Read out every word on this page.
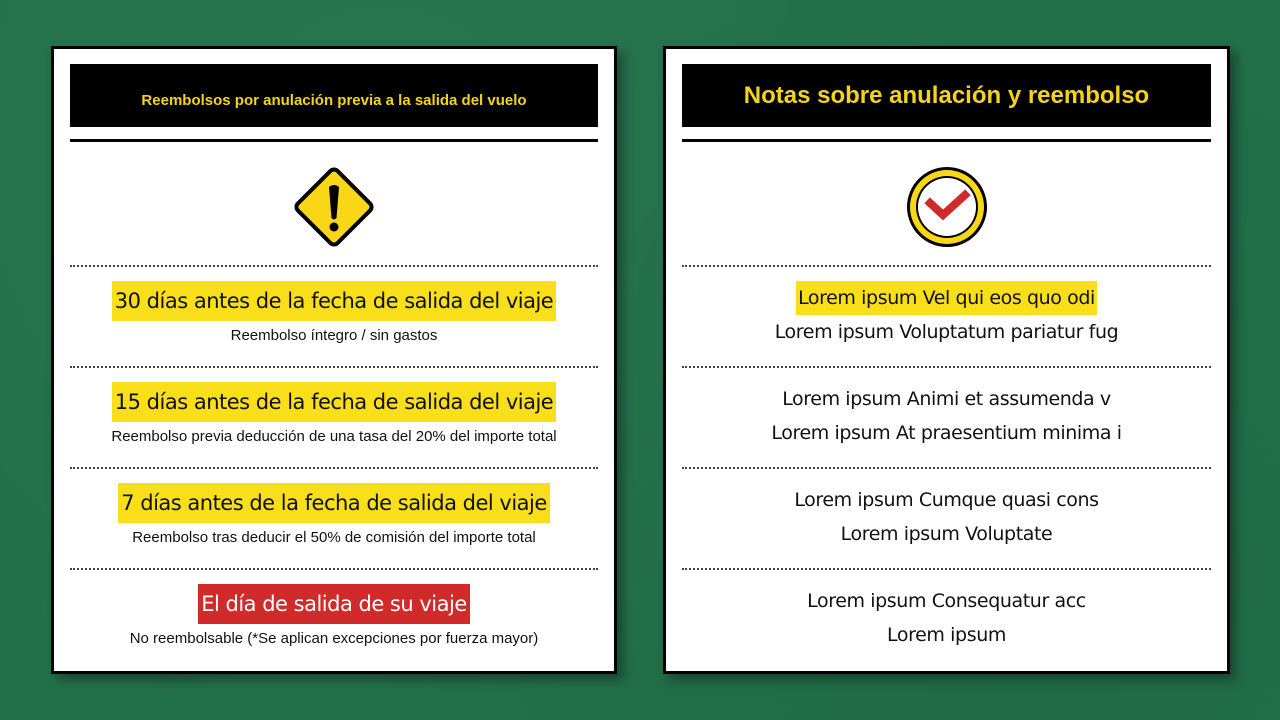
Reembolsos por anulación previa a la salida del vuelo
30 días antes de la fecha de salida del viaje
Reembolso íntegro / sin gastos
15 días antes de la fecha de salida del viaje
Reembolso previa deducción de una tasa del 20% del importe total
7 días antes de la fecha de salida del viaje
Reembolso tras deducir el 50% de comisión del importe total
El día de salida de su viaje
No reembolsable (*Se aplican excepciones por fuerza mayor)
Notas sobre anulación y reembolso
Lorem ipsum Vel qui eos quo odi
Lorem ipsum Voluptatum pariatur fug
Lorem ipsum Animi et assumenda v
Lorem ipsum At praesentium minima i
Lorem ipsum Cumque quasi cons
Lorem ipsum Voluptate
Lorem ipsum Consequatur acc
Lorem ipsum
